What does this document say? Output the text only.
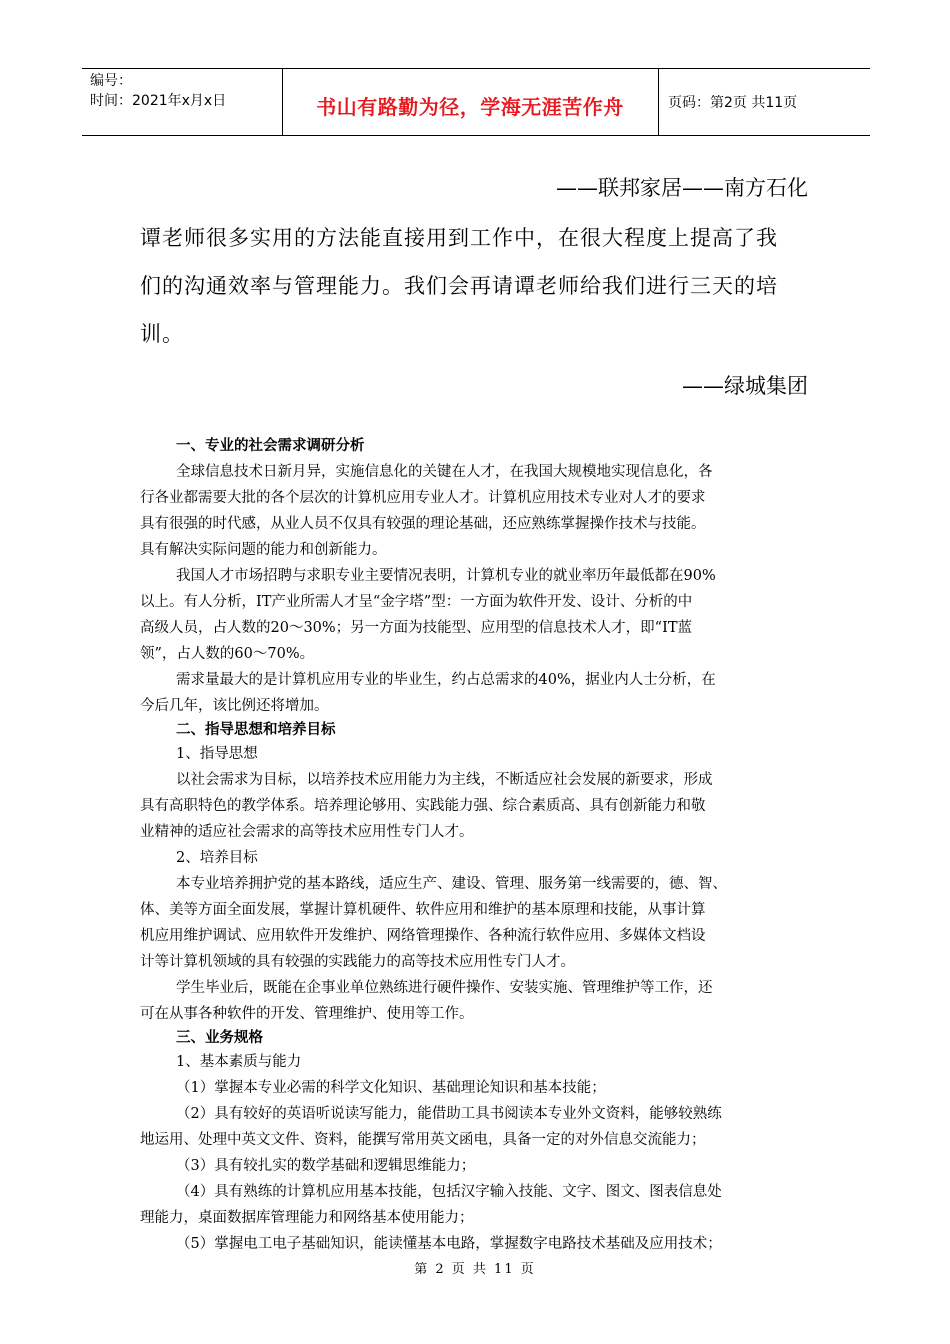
编号：
时间：2021年x月x日	书山有路勤为径，学海无涯苦作舟	页码：第2页 共11页
——联邦家居——南方石化
谭老师很多实用的方法能直接用到工作中，在很大程度上提高了我
们的沟通效率与管理能力。我们会再请谭老师给我们进行三天的培
训。
——绿城集团
一、专业的社会需求调研分析
全球信息技术日新月异，实施信息化的关键在人才，在我国大规模地实现信息化，各
行各业都需要大批的各个层次的计算机应用专业人才。计算机应用技术专业对人才的要求
具有很强的时代感，从业人员不仅具有较强的理论基础，还应熟练掌握操作技术与技能。
具有解决实际问题的能力和创新能力。
我国人才市场招聘与求职专业主要情况表明，计算机专业的就业率历年最低都在90%
以上。有人分析，IT产业所需人才呈“金字塔”型：一方面为软件开发、设计、分析的中
高级人员，占人数的20～30%；另一方面为技能型、应用型的信息技术人才，即“IT蓝
领”，占人数的60～70%。
需求量最大的是计算机应用专业的毕业生，约占总需求的40%，据业内人士分析，在
今后几年，该比例还将增加。
二、指导思想和培养目标
1、指导思想
以社会需求为目标，以培养技术应用能力为主线，不断适应社会发展的新要求，形成
具有高职特色的教学体系。培养理论够用、实践能力强、综合素质高、具有创新能力和敬
业精神的适应社会需求的高等技术应用性专门人才。
2、培养目标
本专业培养拥护党的基本路线，适应生产、建设、管理、服务第一线需要的，德、智、
体、美等方面全面发展，掌握计算机硬件、软件应用和维护的基本原理和技能，从事计算
机应用维护调试、应用软件开发维护、网络管理操作、各种流行软件应用、多媒体文档设
计等计算机领域的具有较强的实践能力的高等技术应用性专门人才。
学生毕业后，既能在企事业单位熟练进行硬件操作、安装实施、管理维护等工作，还
可在从事各种软件的开发、管理维护、使用等工作。
三、业务规格
1、基本素质与能力
（1）掌握本专业必需的科学文化知识、基础理论知识和基本技能；
（2）具有较好的英语听说读写能力，能借助工具书阅读本专业外文资料，能够较熟练
地运用、处理中英文文件、资料，能撰写常用英文函电，具备一定的对外信息交流能力；
（3）具有较扎实的数学基础和逻辑思维能力；
（4）具有熟练的计算机应用基本技能，包括汉字输入技能、文字、图文、图表信息处
理能力，桌面数据库管理能力和网络基本使用能力；
（5）掌握电工电子基础知识，能读懂基本电路，掌握数字电路技术基础及应用技术；
第 2 页 共 11 页
